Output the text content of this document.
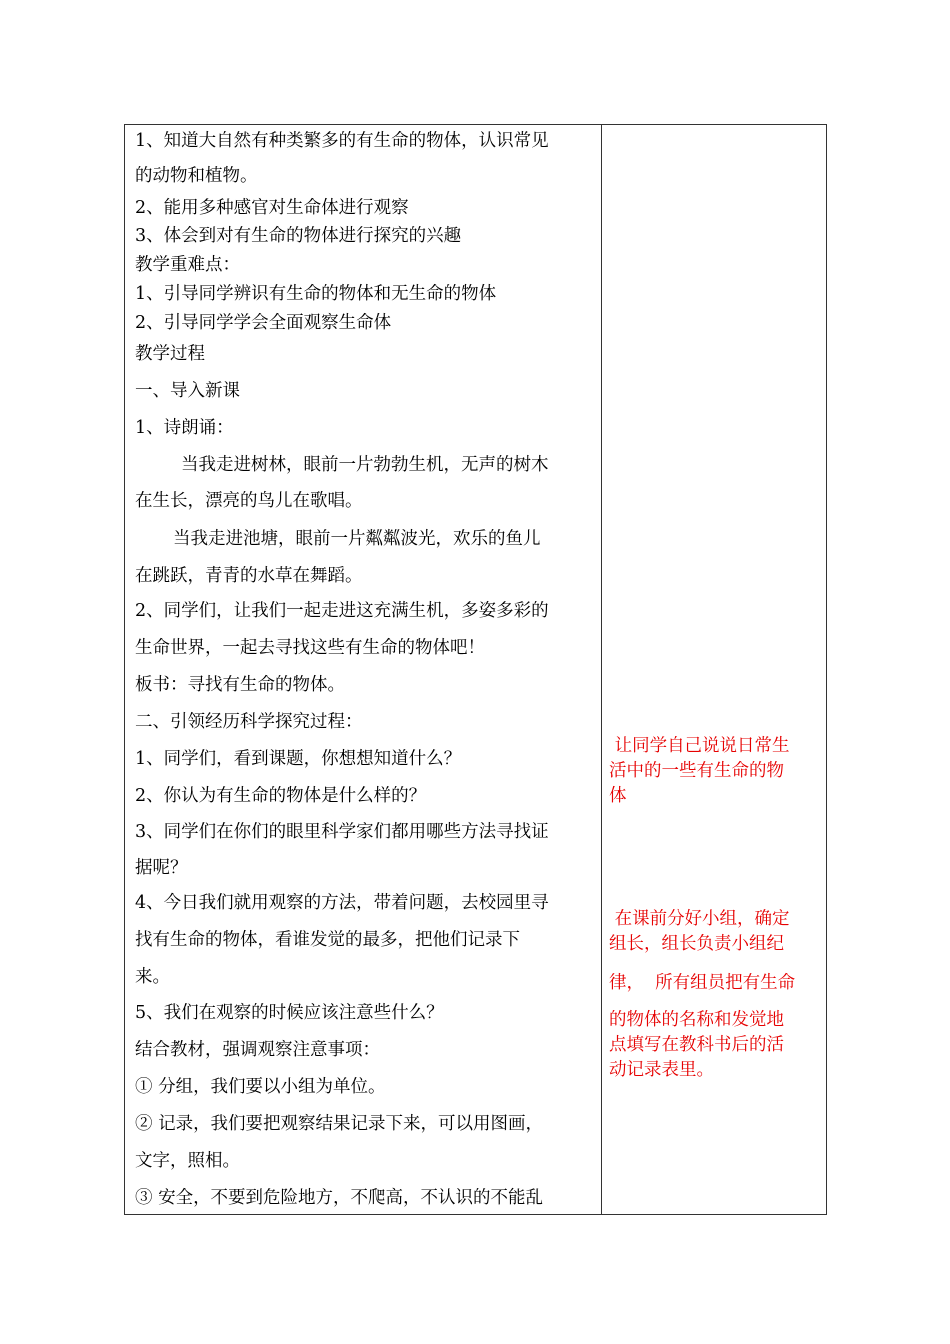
1、知道大自然有种类繁多的有生命的物体，认识常见
的动物和植物。
2、能用多种感官对生命体进行观察
3、体会到对有生命的物体进行探究的兴趣
教学重难点：
1、引导同学辨识有生命的物体和无生命的物体
2、引导同学学会全面观察生命体
教学过程
一、导入新课
1、诗朗诵：
当我走进树林，眼前一片勃勃生机，无声的树木
在生长，漂亮的鸟儿在歌唱。
当我走进池塘，眼前一片粼粼波光，欢乐的鱼儿
在跳跃，青青的水草在舞蹈。
2、同学们，让我们一起走进这充满生机，多姿多彩的
生命世界，一起去寻找这些有生命的物体吧！
板书：寻找有生命的物体。
二、引领经历科学探究过程：
1、同学们，看到课题，你想想知道什么？
2、你认为有生命的物体是什么样的？
3、同学们在你们的眼里科学家们都用哪些方法寻找证
据呢？
4、今日我们就用观察的方法，带着问题，去校园里寻
找有生命的物体，看谁发觉的最多，把他们记录下
来。
5、我们在观察的时候应该注意些什么？
结合教材，强调观察注意事项：
① 分组，我们要以小组为单位。
② 记录，我们要把观察结果记录下来，可以用图画，
文字，照相。
③ 安全，不要到危险地方，不爬高，不认识的不能乱
让同学自己说说日常生
活中的一些有生命的物
体
在课前分好小组，确定
组长，组长负责小组纪
律，  所有组员把有生命
的物体的名称和发觉地
点填写在教科书后的活
动记录表里。
